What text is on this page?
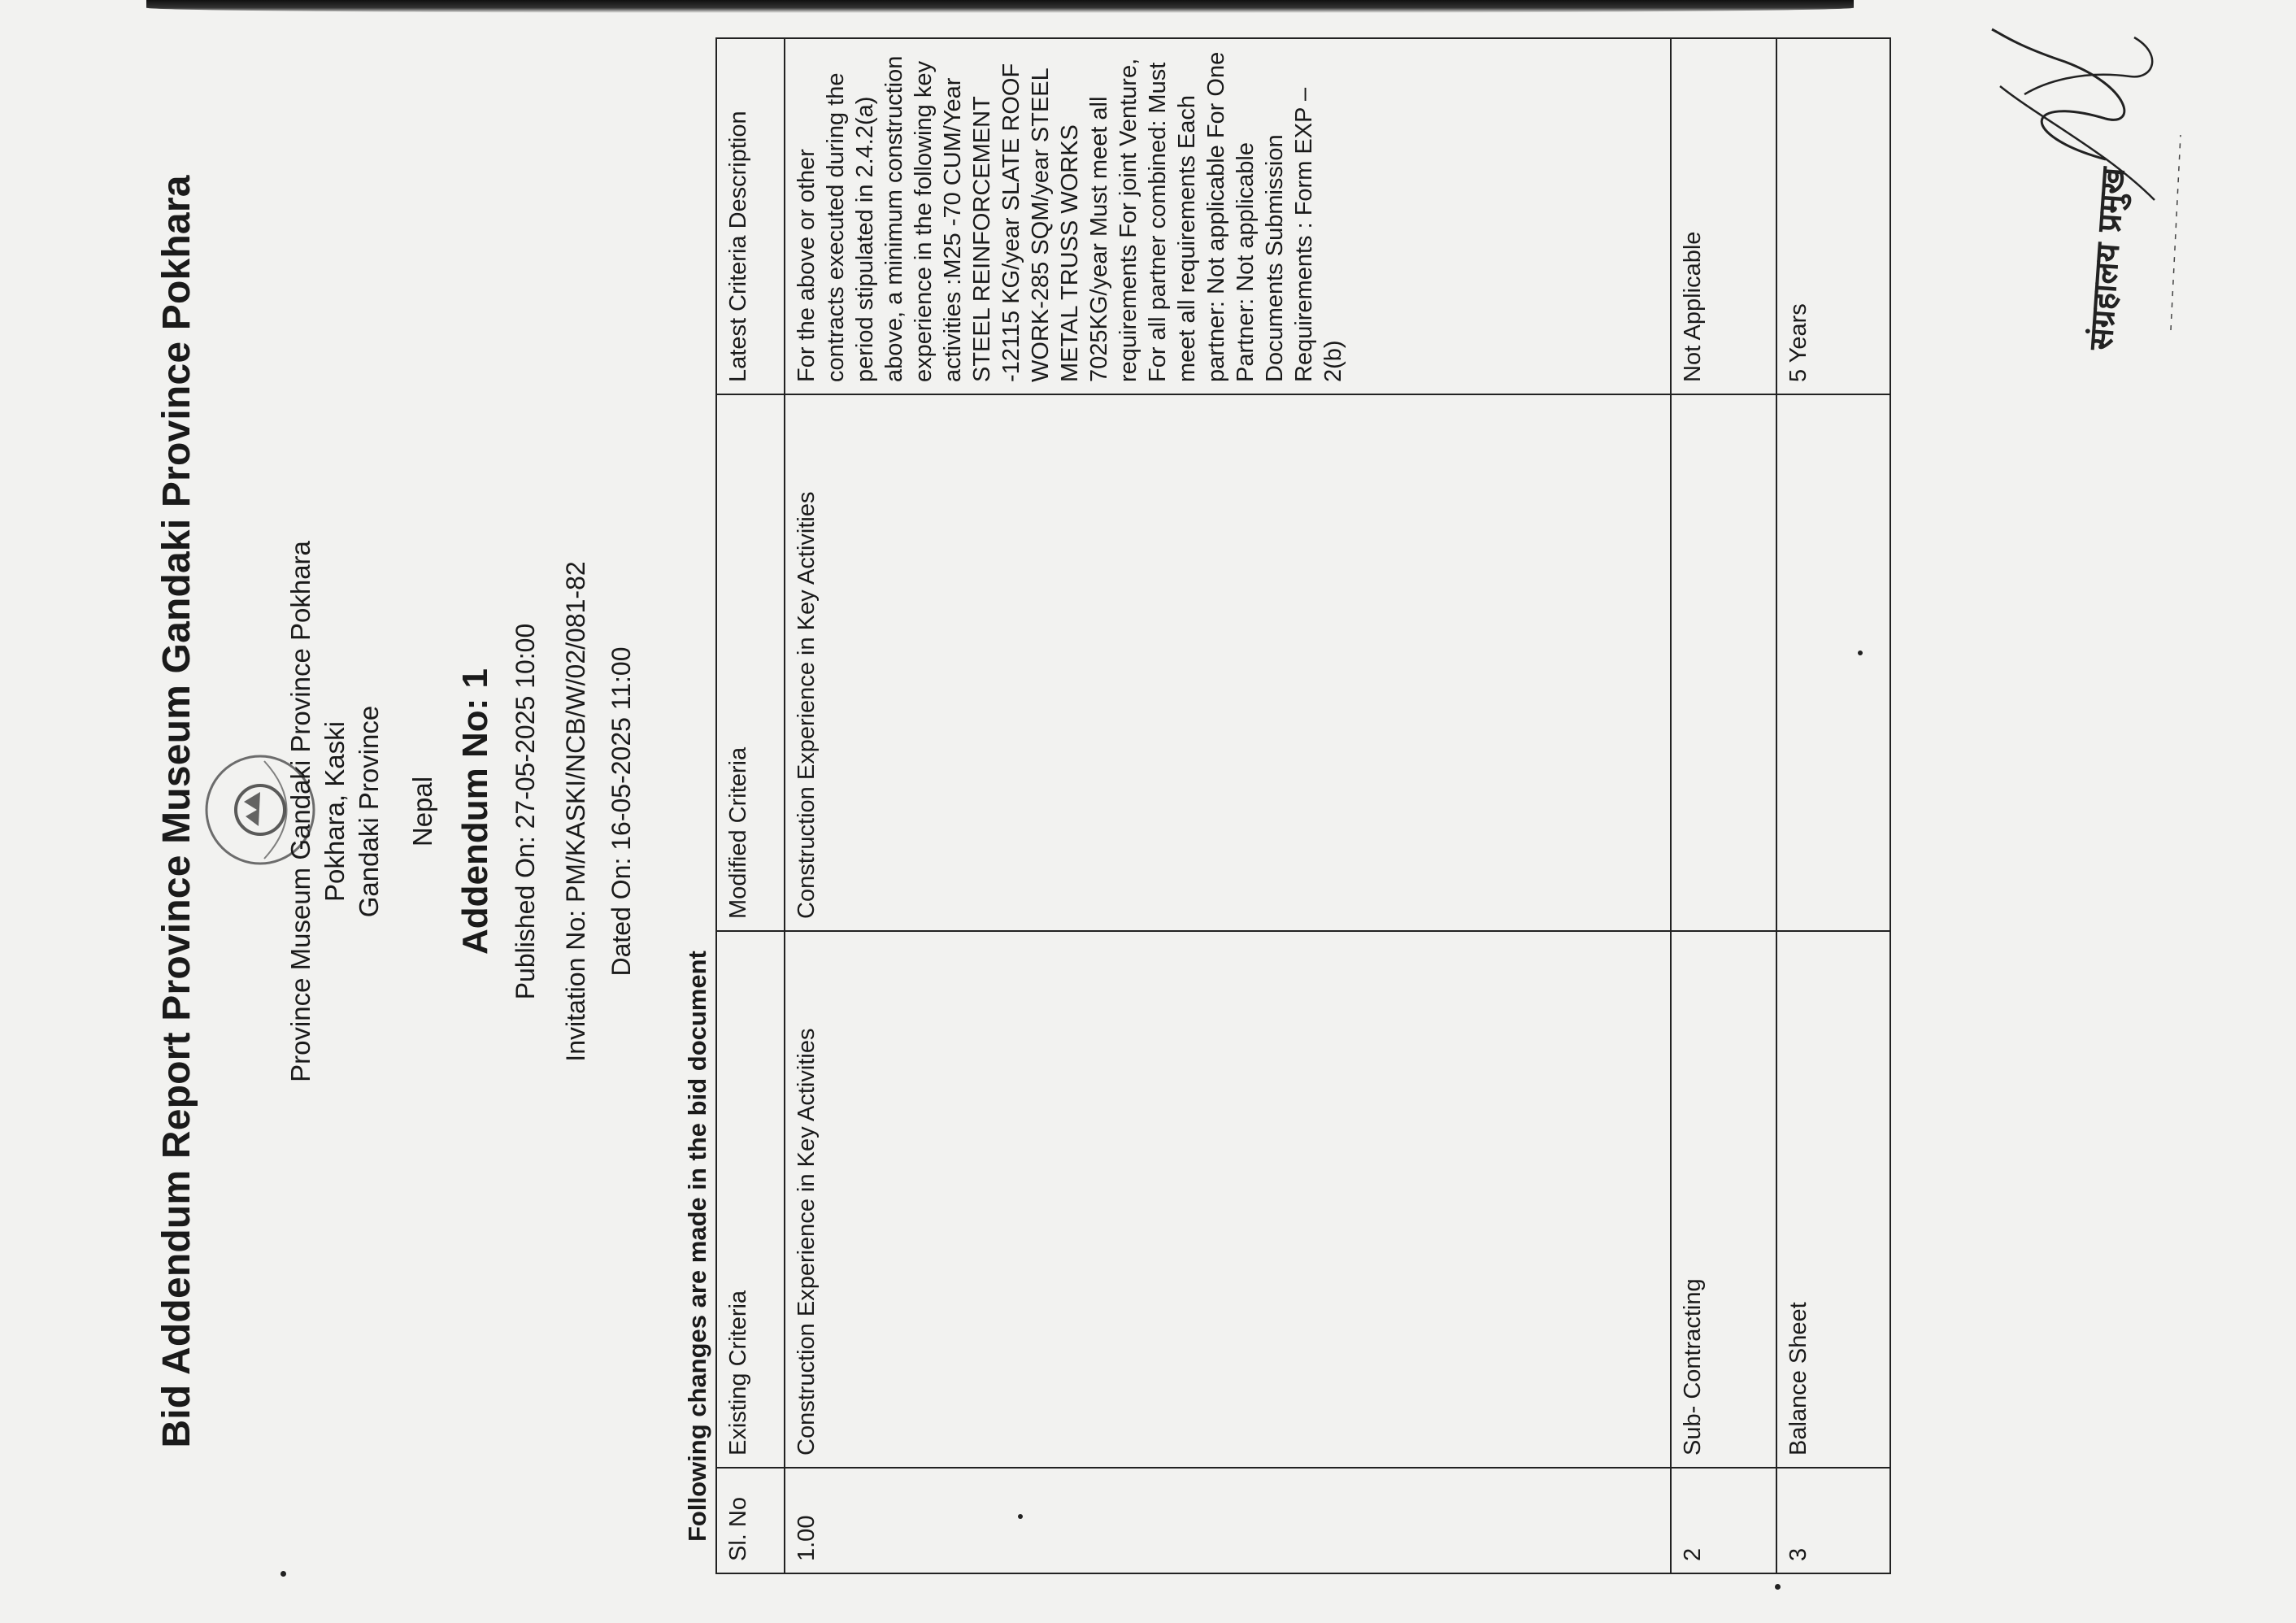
Bid Addendum Report Province Museum Gandaki Province Pokhara	Province Museum Gandaki Province Pokhara Pokhara, Kaski Gandaki Province Nepal Addendum No: 1 Published On: 27-05-2025 10:00 Invitation No: PM/KASKI/NCB/W/02/081-82 Dated On: 16-05-2025 11:00
Following changes are made in the bid document Sl. No	Existing Criteria	Modified Criteria	Latest Criteria Description
1.00	Construction Experience in Key Activities	Construction Experience in Key Activities	For the above or other contracts executed during the period stipulated in 2.4.2(a) above, a minimum construction experience in the following key activities :M25 -70 CUM/Year STEEL REINFORCEMENT -12115 KG/year SLATE ROOF WORK-285 SQM/year STEEL METAL TRUSS WORKS 7025KG/year Must meet all requirements For joint Venture, For all partner combined: Must meet all requirements Each partner: Not applicable For One Partner: Not applicable Documents Submission Requirements : Form EXP – 2(b)
2	Sub- Contracting		Not Applicable
3	Balance Sheet		5 Years	संग्रहालय प्रमुख
